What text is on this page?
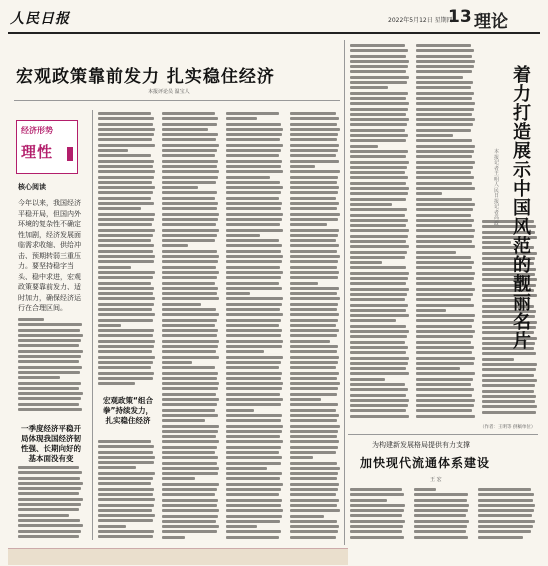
人民日报	2022年5月12日 星期四
13 理论
宏观政策靠前发力 扎实稳住经济
本报评论员 温宝人
经济形势
理性
核心阅读
今年以来，我国经济平稳开局，但国内外环境的复杂性不确定性加剧，经济发展面临需求收缩、供给冲击、预期转弱三重压力。要坚持稳字当头、稳中求进，宏观政策要靠前发力、适时加力，确保经济运行在合理区间。
一季度经济平稳开局体现我国经济韧性强、长期向好的基本面没有变
宏观政策“组合拳”持续发力，扎实稳住经济
着力打造展示中国风范的靓丽名片
本报记者 王明 人民日报记者 高政
（作者：王明等 供稿单位）
为构建新发展格局提供有力支撑
加快现代流通体系建设
王 宏
